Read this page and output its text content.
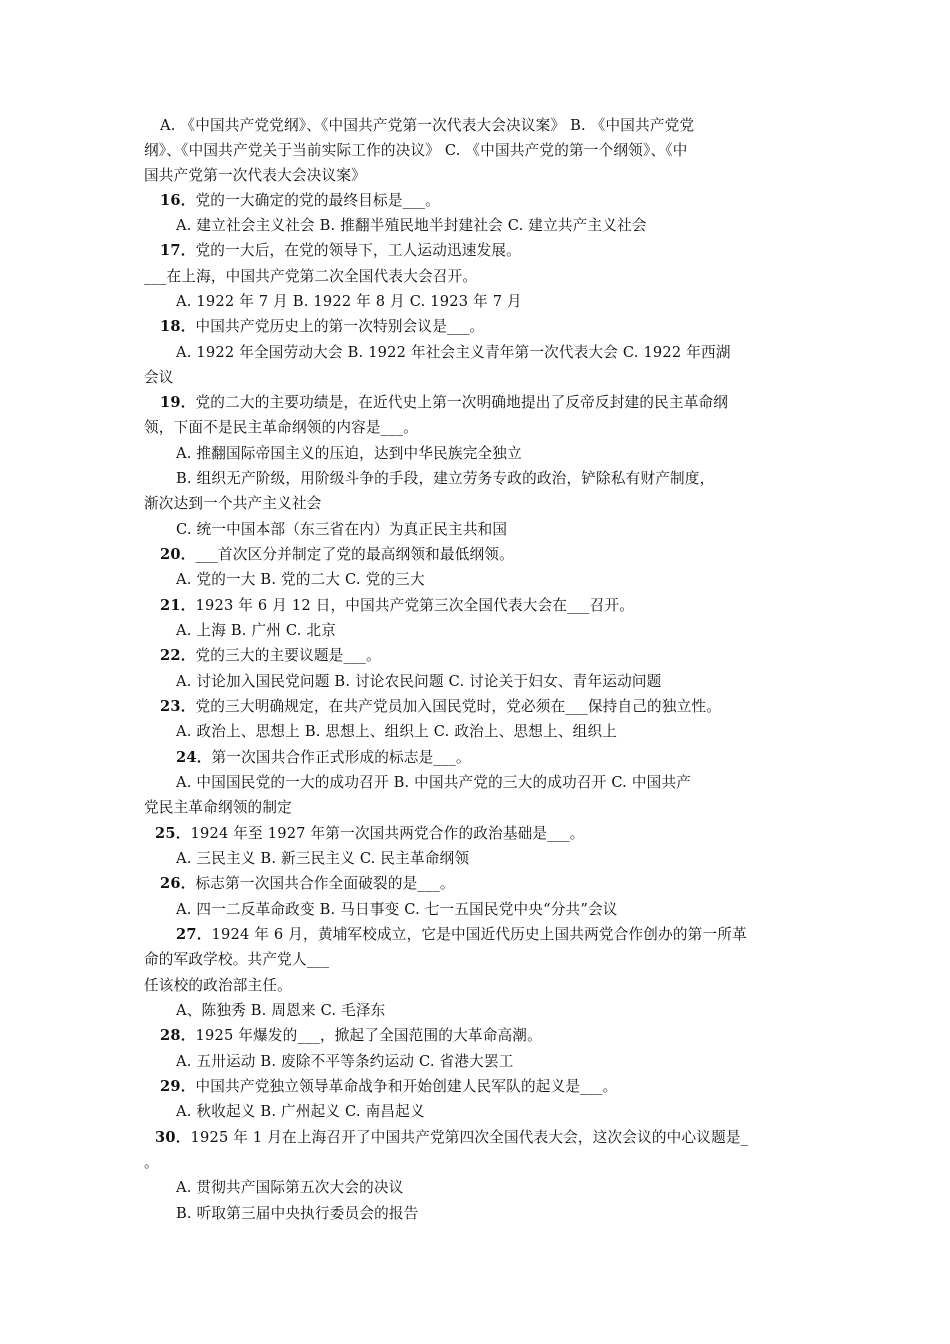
A. 《中国共产党党纲》、《中国共产党第一次代表大会决议案》 B. 《中国共产党党
纲》、《中国共产党关于当前实际工作的决议》 C. 《中国共产党的第一个纲领》、《中
国共产党第一次代表大会决议案》
16．党的一大确定的党的最终目标是___。
A. 建立社会主义社会 B. 推翻半殖民地半封建社会 C. 建立共产主义社会
17．党的一大后，在党的领导下，工人运动迅速发展。
___在上海，中国共产党第二次全国代表大会召开。
A. 1922 年 7 月 B. 1922 年 8 月 C. 1923 年 7 月
18．中国共产党历史上的第一次特别会议是___。
A. 1922 年全国劳动大会 B. 1922 年社会主义青年第一次代表大会 C. 1922 年西湖
会议
19．党的二大的主要功绩是，在近代史上第一次明确地提出了反帝反封建的民主革命纲
领，下面不是民主革命纲领的内容是___。
A. 推翻国际帝国主义的压迫，达到中华民族完全独立
B. 组织无产阶级，用阶级斗争的手段，建立劳务专政的政治，铲除私有财产制度，
渐次达到一个共产主义社会
C. 统一中国本部（东三省在内）为真正民主共和国
20．___首次区分并制定了党的最高纲领和最低纲领。
A. 党的一大 B. 党的二大 C. 党的三大
21．1923 年 6 月 12 日，中国共产党第三次全国代表大会在___召开。
A. 上海 B. 广州 C. 北京
22．党的三大的主要议题是___。
A. 讨论加入国民党问题 B. 讨论农民问题 C. 讨论关于妇女、青年运动问题
23．党的三大明确规定，在共产党员加入国民党时，党必须在___保持自己的独立性。
A. 政治上、思想上 B. 思想上、组织上 C. 政治上、思想上、组织上
24．第一次国共合作正式形成的标志是___。
A. 中国国民党的一大的成功召开 B. 中国共产党的三大的成功召开 C. 中国共产
党民主革命纲领的制定
25．1924 年至 1927 年第一次国共两党合作的政治基础是___。
A. 三民主义 B. 新三民主义 C. 民主革命纲领
26．标志第一次国共合作全面破裂的是___。
A. 四一二反革命政变 B. 马日事变 C. 七一五国民党中央“分共”会议
27．1924 年 6 月，黄埔军校成立，它是中国近代历史上国共两党合作创办的第一所革
命的军政学校。共产党人___
任该校的政治部主任。
A、陈独秀 B. 周恩来 C. 毛泽东
28．1925 年爆发的___，掀起了全国范围的大革命高潮。
A. 五卅运动 B. 废除不平等条约运动 C. 省港大罢工
29．中国共产党独立领导革命战争和开始创建人民军队的起义是___。
A. 秋收起义 B. 广州起义 C. 南昌起义
30．1925 年 1 月在上海召开了中国共产党第四次全国代表大会，这次会议的中心议题是_
。
A. 贯彻共产国际第五次大会的决议
B. 听取第三届中央执行委员会的报告
